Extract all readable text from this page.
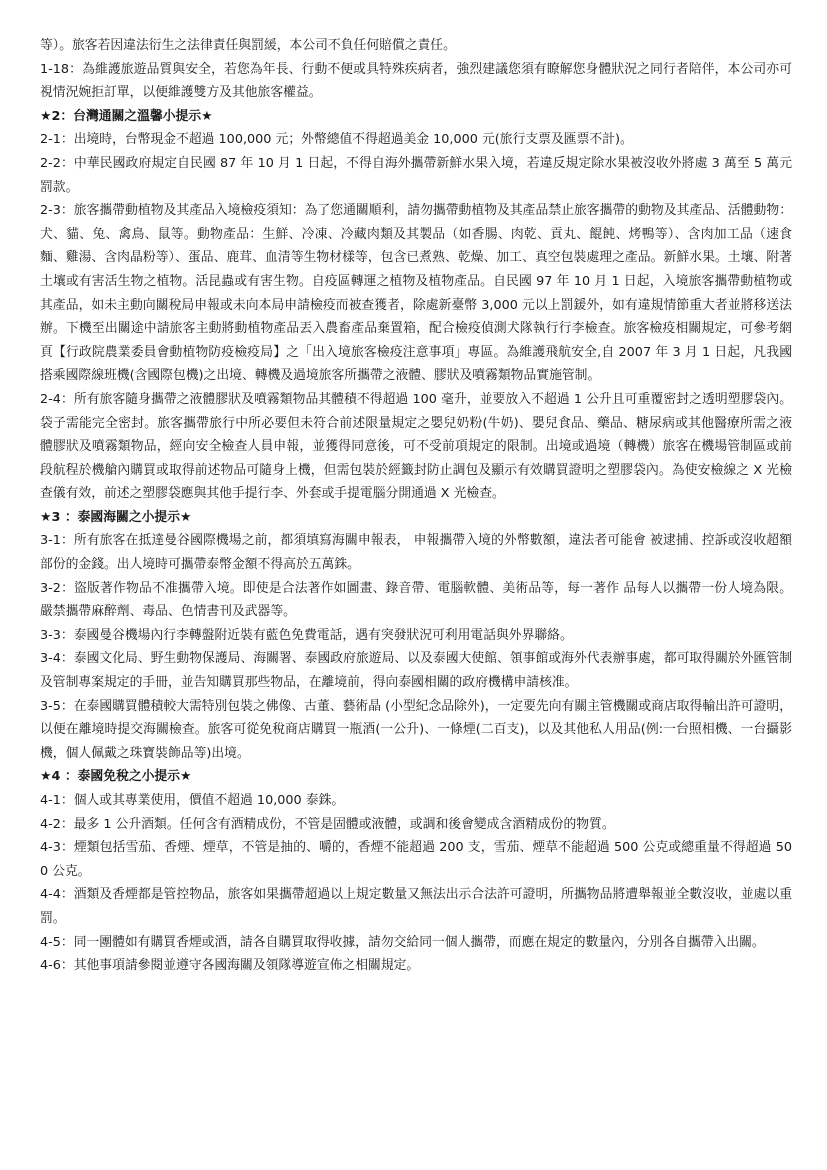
等）。旅客若因違法衍生之法律責任與罰緩，本公司不負任何賠償之責任。

1-18：為維護旅遊品質與安全，若您為年長、行動不便或具特殊疾病者，強烈建議您須有瞭解您身體狀況之同行者陪伴，本公司亦可視情況婉拒訂單，以便維護雙方及其他旅客權益。

★2：台灣通關之溫馨小提示★

2-1：出境時，台幣現金不超過 100,000 元；外幣總值不得超過美金 10,000 元(旅行支票及匯票不計)。

2-2：中華民國政府規定自民國 87 年 10 月 1 日起，不得自海外攜帶新鮮水果入境，若違反規定除水果被沒收外將處 3 萬至 5 萬元罰款。

2-3：旅客攜帶動植物及其產品入境檢疫須知：為了您通關順利，請勿攜帶動植物及其產品禁止旅客攜帶的動物及其產品、活體動物：犬、貓、兔、禽鳥、鼠等。動物產品：生鮮、冷凍、冷藏肉類及其製品（如香腸、肉乾、貢丸、餛飩、烤鴨等）、含肉加工品（速食麵、雞湯、含肉晶粉等）、蛋品、鹿茸、血清等生物材樣等，包含已煮熟、乾燥、加工、真空包裝處理之產品。新鮮水果。土壤、附著土壤或有害活生物之植物。活昆蟲或有害生物。自疫區轉運之植物及植物產品。自民國 97 年 10 月 1 日起，入境旅客攜帶動植物或其產品，如未主動向關稅局申報或未向本局申請檢疫而被查獲者，除處新臺幣 3,000 元以上罰鍰外，如有違規情節重大者並將移送法辦。下機至出關途中請旅客主動將動植物產品丟入農畜產品棄置箱，配合檢疫偵測犬隊執行行李檢查。旅客檢疫相關規定，可參考網頁【行政院農業委員會動植物防疫檢疫局】之「出入境旅客檢疫注意事項」專區。為維護飛航安全,自 2007 年 3 月 1 日起，凡我國搭乘國際線班機(含國際包機)之出境、轉機及過境旅客所攜帶之液體、膠狀及噴霧類物品實施管制。

2-4：所有旅客隨身攜帶之液體膠狀及噴霧類物品其體積不得超過 100 毫升，並要放入不超過 1 公升且可重覆密封之透明塑膠袋內。袋子需能完全密封。旅客攜帶旅行中所必要但未符合前述限量規定之嬰兒奶粉(牛奶)、嬰兒食品、藥品、糖尿病或其他醫療所需之液體膠狀及噴霧類物品，經向安全檢查人員申報，並獲得同意後，可不受前項規定的限制。出境或過境（轉機）旅客在機場管制區或前段航程於機艙內購買或取得前述物品可隨身上機，但需包裝於經籤封防止調包及顯示有效購買證明之塑膠袋內。為使安檢線之 X 光檢查儀有效，前述之塑膠袋應與其他手提行李、外套或手提電腦分開通過 X 光檢查。

★3 ：泰國海關之小提示★

3-1：所有旅客在抵達曼谷國際機場之前，都須填寫海關申報表， 申報攜帶入境的外幣數額，違法者可能會 被逮捕、控訴或沒收超額部份的金錢。出人境時可攜帶泰幣金額不得高於五萬銖。

3-2：盜版著作物品不准攜帶入境。即使是合法著作如圖畫、錄音帶、電腦軟體、美術品等，每一著作 品每人以攜帶一份人境為限。嚴禁攜帶麻醉劑、毒品、色情書刊及武器等。

3-3：泰國曼谷機場內行李轉盤附近裝有藍色免費電話，遇有突發狀況可利用電話與外界聯絡。

3-4：泰國文化局、野生動物保護局、海關署、泰國政府旅遊局、以及泰國大使館、領事館或海外代表辦事處，都可取得關於外匯管制及管制專案規定的手冊，並告知購買那些物品，在離境前，得向泰國相關的政府機構申請核准。

3-5：在泰國購買體積較大需特別包裝之佛像、古董、藝術晶 (小型紀念品除外)，一定要先向有關主管機關或商店取得輸出許可證明，以便在離境時提交海關檢查。旅客可從免稅商店購買一瓶酒(一公升)、一條煙(二百支)，以及其他私人用品(例:一台照相機、一台攝影機，個人佩戴之珠寶裝飾品等)出境。

★4 ：泰國免稅之小提示★

4-1：個人或其專業使用，價值不超過 10,000 泰銖。

4-2：最多 1 公升酒類。任何含有酒精成份，不管是固體或液體，或調和後會變成含酒精成份的物質。

4-3：煙類包括雪茄、香煙、煙草，不管是抽的、嚼的，香煙不能超過 200 支，雪茄、煙草不能超過 500 公克或總重量不得超過 500 公克。

4-4：酒類及香煙都是管控物品，旅客如果攜帶超過以上規定數量又無法出示合法許可證明，所攜物品將遭舉報並全數沒收，並處以重罰。

4-5：同一團體如有購買香煙或酒，請各自購買取得收據，請勿交給同一個人攜帶，而應在規定的數量內，分別各自攜帶入出關。

4-6：其他事項請參閱並遵守各國海關及領隊導遊宣佈之相關規定。
